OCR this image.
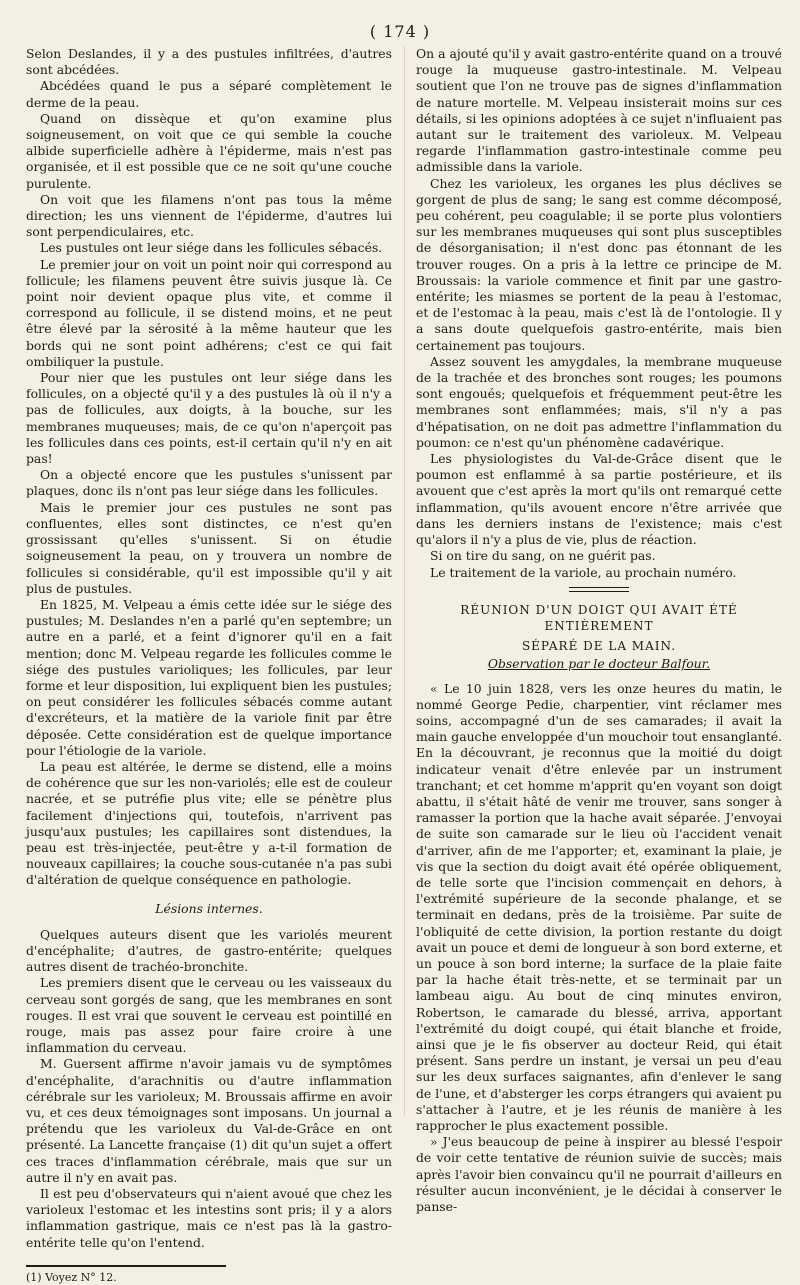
( 174 )

Selon Deslandes, il y a des pustules infiltrées, d'autres sont abcédées.

Abcédées quand le pus a séparé complètement le derme de la peau.

Quand on dissèque et qu'on examine plus soigneusement, on voit que ce qui semble la couche albide superficielle adhère à l'épiderme, mais n'est pas organisée, et il est possible que ce ne soit qu'une couche purulente.

On voit que les filamens n'ont pas tous la même direction; les uns viennent de l'épiderme, d'autres lui sont perpendiculaires, etc.

Les pustules ont leur siége dans les follicules sébacés.

Le premier jour on voit un point noir qui correspond au follicule; les filamens peuvent être suivis jusque là. Ce point noir devient opaque plus vite, et comme il correspond au follicule, il se distend moins, et ne peut être élevé par la sérosité à la même hauteur que les bords qui ne sont point adhérens; c'est ce qui fait ombiliquer la pustule.

Pour nier que les pustules ont leur siége dans les follicules, on a objecté qu'il y a des pustules là où il n'y a pas de follicules, aux doigts, à la bouche, sur les membranes muqueuses; mais, de ce qu'on n'aperçoit pas les follicules dans ces points, est-il certain qu'il n'y en ait pas!

On a objecté encore que les pustules s'unissent par plaques, donc ils n'ont pas leur siége dans les follicules.

Mais le premier jour ces pustules ne sont pas confluentes, elles sont distinctes, ce n'est qu'en grossissant qu'elles s'unissent. Si on étudie soigneusement la peau, on y trouvera un nombre de follicules si considérable, qu'il est impossible qu'il y ait plus de pustules.

En 1825, M. Velpeau a émis cette idée sur le siége des pustules; M. Deslandes n'en a parlé qu'en septembre; un autre en a parlé, et a feint d'ignorer qu'il en a fait mention; donc M. Velpeau regarde les follicules comme le siége des pustules varioliques; les follicules, par leur forme et leur disposition, lui expliquent bien les pustules; on peut considérer les follicules sébacés comme autant d'excréteurs, et la matière de la variole finit par être déposée. Cette considération est de quelque importance pour l'étiologie de la variole.

La peau est altérée, le derme se distend, elle a moins de cohérence que sur les non-variolés; elle est de couleur nacrée, et se putréfie plus vite; elle se pénètre plus facilement d'injections qui, toutefois, n'arrivent pas jusqu'aux pustules; les capillaires sont distendues, la peau est très-injectée, peut-être y a-t-il formation de nouveaux capillaires; la couche sous-cutanée n'a pas subi d'altération de quelque conséquence en pathologie.

Lésions internes.

Quelques auteurs disent que les variolés meurent d'encéphalite; d'autres, de gastro-entérite; quelques autres disent de trachéo-bronchite.

Les premiers disent que le cerveau ou les vaisseaux du cerveau sont gorgés de sang, que les membranes en sont rouges. Il est vrai que souvent le cerveau est pointillé en rouge, mais pas assez pour faire croire à une inflammation du cerveau.

M. Guersent affirme n'avoir jamais vu de symptômes d'encéphalite, d'arachnitis ou d'autre inflammation cérébrale sur les varioleux; M. Broussais affirme en avoir vu, et ces deux témoignages sont imposans. Un journal a prétendu que les varioleux du Val-de-Grâce en ont présenté. La Lancette française (1) dit qu'un sujet a offert ces traces d'inflammation cérébrale, mais que sur un autre il n'y en avait pas.

Il est peu d'observateurs qui n'aient avoué que chez les varioleux l'estomac et les intestins sont pris; il y a alors inflammation gastrique, mais ce n'est pas là la gastro-entérite telle qu'on l'entend.

(1) Voyez N° 12.

On a ajouté qu'il y avait gastro-entérite quand on a trouvé rouge la muqueuse gastro-intestinale. M. Velpeau soutient que l'on ne trouve pas de signes d'inflammation de nature mortelle. M. Velpeau insisterait moins sur ces détails, si les opinions adoptées à ce sujet n'influaient pas autant sur le traitement des varioleux. M. Velpeau regarde l'inflammation gastro-intestinale comme peu admissible dans la variole.

Chez les varioleux, les organes les plus déclives se gorgent de plus de sang; le sang est comme décomposé, peu cohérent, peu coagulable; il se porte plus volontiers sur les membranes muqueuses qui sont plus susceptibles de désorganisation; il n'est donc pas étonnant de les trouver rouges. On a pris à la lettre ce principe de M. Broussais: la variole commence et finit par une gastro-entérite; les miasmes se portent de la peau à l'estomac, et de l'estomac à la peau, mais c'est là de l'ontologie. Il y a sans doute quelquefois gastro-entérite, mais bien certainement pas toujours.

Assez souvent les amygdales, la membrane muqueuse de la trachée et des bronches sont rouges; les poumons sont engoués; quelquefois et fréquemment peut-être les membranes sont enflammées; mais, s'il n'y a pas d'hépatisation, on ne doit pas admettre l'inflammation du poumon: ce n'est qu'un phénomène cadavérique.

Les physiologistes du Val-de-Grâce disent que le poumon est enflammé à sa partie postérieure, et ils avouent que c'est après la mort qu'ils ont remarqué cette inflammation, qu'ils avouent encore n'être arrivée que dans les derniers instans de l'existence; mais c'est qu'alors il n'y a plus de vie, plus de réaction.

Si on tire du sang, on ne guérit pas.

Le traitement de la variole, au prochain numéro.

RÉUNION D'UN DOIGT QUI AVAIT ÉTÉ ENTIÈREMENT
SÉPARÉ DE LA MAIN.
Observation par le docteur Balfour.

« Le 10 juin 1828, vers les onze heures du matin, le nommé George Pedie, charpentier, vint réclamer mes soins, accompagné d'un de ses camarades; il avait la main gauche enveloppée d'un mouchoir tout ensanglanté. En la découvrant, je reconnus que la moitié du doigt indicateur venait d'être enlevée par un instrument tranchant; et cet homme m'apprit qu'en voyant son doigt abattu, il s'était hâté de venir me trouver, sans songer à ramasser la portion que la hache avait séparée. J'envoyai de suite son camarade sur le lieu où l'accident venait d'arriver, afin de me l'apporter; et, examinant la plaie, je vis que la section du doigt avait été opérée obliquement, de telle sorte que l'incision commençait en dehors, à l'extrémité supérieure de la seconde phalange, et se terminait en dedans, près de la troisième. Par suite de l'obliquité de cette division, la portion restante du doigt avait un pouce et demi de longueur à son bord externe, et un pouce à son bord interne; la surface de la plaie faite par la hache était très-nette, et se terminait par un lambeau aigu. Au bout de cinq minutes environ, Robertson, le camarade du blessé, arriva, apportant l'extrémité du doigt coupé, qui était blanche et froide, ainsi que je le fis observer au docteur Reid, qui était présent. Sans perdre un instant, je versai un peu d'eau sur les deux surfaces saignantes, afin d'enlever le sang de l'une, et d'absterger les corps étrangers qui avaient pu s'attacher à l'autre, et je les réunis de manière à les rapprocher le plus exactement possible.

» J'eus beaucoup de peine à inspirer au blessé l'espoir de voir cette tentative de réunion suivie de succès; mais après l'avoir bien convaincu qu'il ne pourrait d'ailleurs en résulter aucun inconvénient, je le décidai à conserver le panse-
